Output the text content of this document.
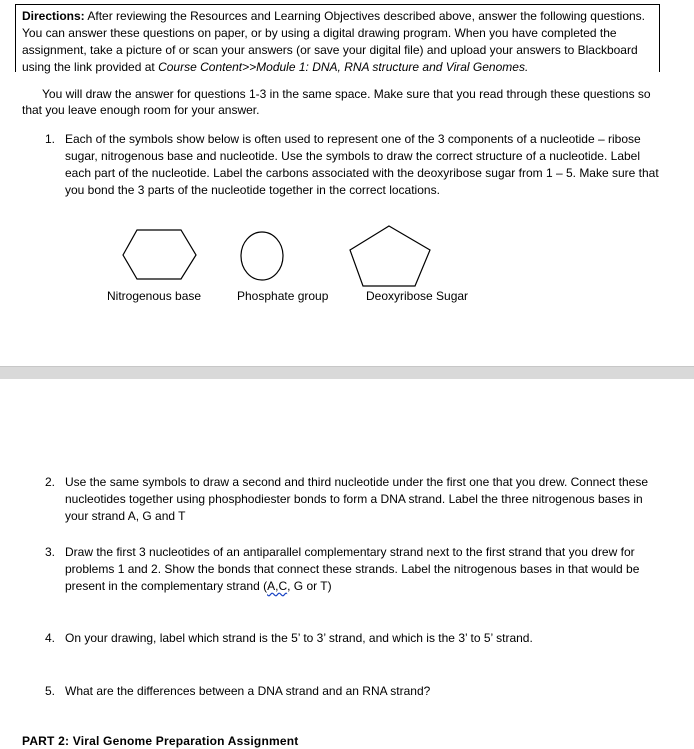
Directions: After reviewing the Resources and Learning Objectives described above, answer the following questions. You can answer these questions on paper, or by using a digital drawing program. When you have completed the assignment, take a picture of or scan your answers (or save your digital file) and upload your answers to Blackboard using the link provided at Course Content>>Module 1: DNA, RNA structure and Viral Genomes.
You will draw the answer for questions 1-3 in the same space. Make sure that you read through these questions so that you leave enough room for your answer.
1. Each of the symbols show below is often used to represent one of the 3 components of a nucleotide – ribose sugar, nitrogenous base and nucleotide. Use the symbols to draw the correct structure of a nucleotide. Label each part of the nucleotide. Label the carbons associated with the deoxyribose sugar from 1 – 5. Make sure that you bond the 3 parts of the nucleotide together in the correct locations.
Nitrogenous base	Phosphate group	Deoxyribose Sugar
2. Use the same symbols to draw a second and third nucleotide under the first one that you drew. Connect these nucleotides together using phosphodiester bonds to form a DNA strand. Label the three nitrogenous bases in your strand A, G and T
3. Draw the first 3 nucleotides of an antiparallel complementary strand next to the first strand that you drew for problems 1 and 2. Show the bonds that connect these strands. Label the nitrogenous bases in that would be present in the complementary strand (A,C, G or T)
4. On your drawing, label which strand is the 5’ to 3’ strand, and which is the 3’ to 5’ strand.
5. What are the differences between a DNA strand and an RNA strand?
PART 2: Viral Genome Preparation Assignment
